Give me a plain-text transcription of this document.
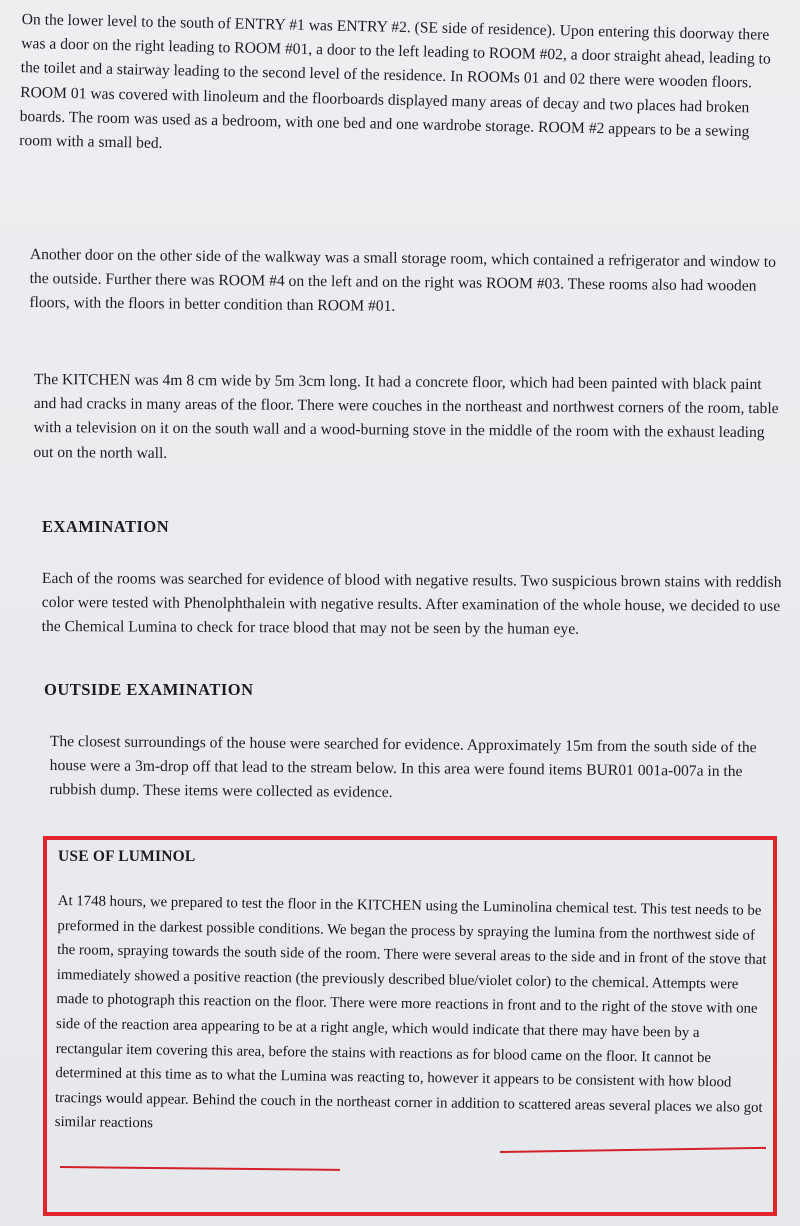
On the lower level to the south of ENTRY #1 was ENTRY #2. (SE side of residence). Upon entering this doorway there was a door on the right leading to ROOM #01, a door to the left leading to ROOM #02, a door straight ahead, leading to the toilet and a stairway leading to the second level of the residence. In ROOMs 01 and 02 there were wooden floors. ROOM 01 was covered with linoleum and the floorboards displayed many areas of decay and two places had broken boards. The room was used as a bedroom, with one bed and one wardrobe storage. ROOM #2 appears to be a sewing room with a small bed.

Another door on the other side of the walkway was a small storage room, which contained a refrigerator and window to the outside. Further there was ROOM #4 on the left and on the right was ROOM #03. These rooms also had wooden floors, with the floors in better condition than ROOM #01.

The KITCHEN was 4m 8 cm wide by 5m 3cm long. It had a concrete floor, which had been painted with black paint and had cracks in many areas of the floor. There were couches in the northeast and northwest corners of the room, table with a television on it on the south wall and a wood-burning stove in the middle of the room with the exhaust leading out on the north wall.

EXAMINATION

Each of the rooms was searched for evidence of blood with negative results. Two suspicious brown stains with reddish color were tested with Phenolphthalein with negative results. After examination of the whole house, we decided to use the Chemical Lumina to check for trace blood that may not be seen by the human eye.

OUTSIDE EXAMINATION

The closest surroundings of the house were searched for evidence. Approximately 15m from the south side of the house were a 3m-drop off that lead to the stream below. In this area were found items BUR01 001a-007a in the rubbish dump. These items were collected as evidence.

USE OF LUMINOL

At 1748 hours, we prepared to test the floor in the KITCHEN using the Luminolina chemical test. This test needs to be preformed in the darkest possible conditions. We began the process by spraying the lumina from the northwest side of the room, spraying towards the south side of the room. There were several areas to the side and in front of the stove that immediately showed a positive reaction (the previously described blue/violet color) to the chemical. Attempts were made to photograph this reaction on the floor. There were more reactions in front and to the right of the stove with one side of the reaction area appearing to be at a right angle, which would indicate that there may have been by a rectangular item covering this area, before the stains with reactions as for blood came on the floor. It cannot be determined at this time as to what the Lumina was reacting to, however it appears to be consistent with how blood tracings would appear. Behind the couch in the northeast corner in addition to scattered areas several places we also got similar reactions
